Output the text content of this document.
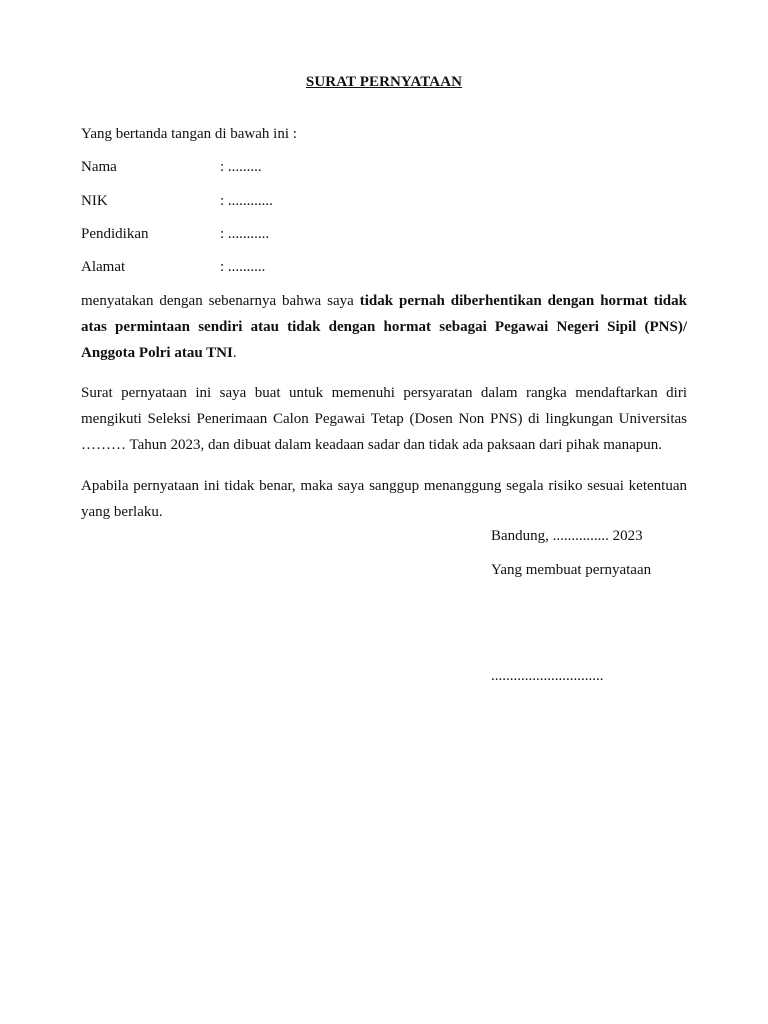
SURAT PERNYATAAN
Yang bertanda tangan di bawah ini :
Nama	: .........
NIK	: ............
Pendidikan	: ...........
Alamat	: ..........
menyatakan dengan sebenarnya bahwa saya tidak pernah diberhentikan dengan hormat tidak atas permintaan sendiri atau tidak dengan hormat sebagai Pegawai Negeri Sipil (PNS)/ Anggota Polri atau TNI.
Surat pernyataan ini saya buat untuk memenuhi persyaratan dalam rangka mendaftarkan diri mengikuti Seleksi Penerimaan Calon Pegawai Tetap (Dosen Non PNS) di lingkungan Universitas ……… Tahun 2023, dan dibuat dalam keadaan sadar dan tidak ada paksaan dari pihak manapun.
Apabila pernyataan ini tidak benar, maka saya sanggup menanggung segala risiko sesuai ketentuan yang berlaku.
Bandung, ............... 2023
Yang membuat pernyataan
..............................
